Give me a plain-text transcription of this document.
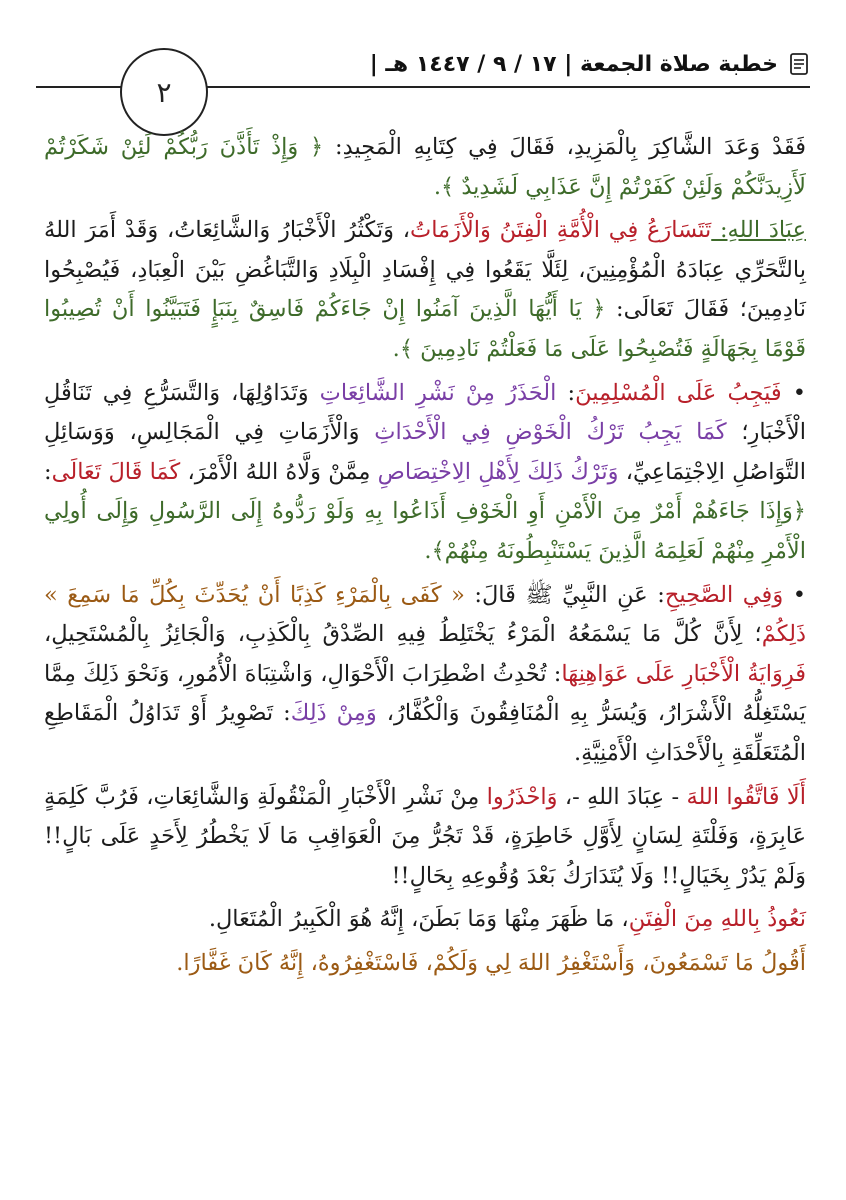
خطبة صلاة الجمعة | ١٧ / ٩ / ١٤٤٧ هـ |
٢

فَقَدْ وَعَدَ الشَّاكِرَ بِالْمَزِيدِ، فَقَالَ فِي كِتَابِهِ الْمَجِيدِ: ﴿ وَإِذْ تَأَذَّنَ رَبُّكُمْ لَئِنْ شَكَرْتُمْ لَأَزِيدَنَّكُمْ وَلَئِنْ كَفَرْتُمْ إِنَّ عَذَابِي لَشَدِيدٌ ﴾.

عِبَادَ اللهِ: تَتَسَارَعُ فِي الْأُمَّةِ الْفِتَنُ وَالْأَزَمَاتُ، وَتَكْثُرُ الْأَخْبَارُ وَالشَّائِعَاتُ، وَقَدْ أَمَرَ اللهُ بِالتَّحَرِّي عِبَادَهُ الْمُؤْمِنِينَ، لِئَلَّا يَقَعُوا فِي إِفْسَادِ الْبِلَادِ وَالتَّبَاغُضِ بَيْنَ الْعِبَادِ، فَيُصْبِحُوا نَادِمِينَ؛ فَقَالَ تَعَالَى: ﴿ يَا أَيُّهَا الَّذِينَ آمَنُوا إِنْ جَاءَكُمْ فَاسِقٌ بِنَبَإٍ فَتَبَيَّنُوا أَنْ تُصِيبُوا قَوْمًا بِجَهَالَةٍ فَتُصْبِحُوا عَلَى مَا فَعَلْتُمْ نَادِمِينَ ﴾.

• فَيَجِبُ عَلَى الْمُسْلِمِينَ: الْحَذَرُ مِنْ نَشْرِ الشَّائِعَاتِ وَتَدَاوُلِهَا، وَالتَّسَرُّعِ فِي تَنَاقُلِ الْأَخْبَارِ؛ كَمَا يَجِبُ تَرْكُ الْخَوْضِ فِي الْأَحْدَاثِ وَالْأَزَمَاتِ فِي الْمَجَالِسِ، وَوَسَائِلِ التَّوَاصُلِ الِاجْتِمَاعِيِّ، وَتَرْكُ ذَلِكَ لِأَهْلِ الِاخْتِصَاصِ مِمَّنْ وَلَّاهُ اللهُ الْأَمْرَ، كَمَا قَالَ تَعَالَى: ﴿وَإِذَا جَاءَهُمْ أَمْرٌ مِنَ الْأَمْنِ أَوِ الْخَوْفِ أَذَاعُوا بِهِ وَلَوْ رَدُّوهُ إِلَى الرَّسُولِ وَإِلَى أُولِي الْأَمْرِ مِنْهُمْ لَعَلِمَهُ الَّذِينَ يَسْتَنْبِطُونَهُ مِنْهُمْ﴾.

• وَفِي الصَّحِيحِ: عَنِ النَّبِيِّ ﷺ قَالَ: « كَفَى بِالْمَرْءِ كَذِبًا أَنْ يُحَدِّثَ بِكُلِّ مَا سَمِعَ » ذَلِكُمْ؛ لِأَنَّ كُلَّ مَا يَسْمَعُهُ الْمَرْءُ يَخْتَلِطُ فِيهِ الصِّدْقُ بِالْكَذِبِ، وَالْجَائِزُ بِالْمُسْتَحِيلِ، فَرِوَايَةُ الْأَخْبَارِ عَلَى عَوَاهِنِهَا: تُحْدِثُ اضْطِرَابَ الْأَحْوَالِ، وَاشْتِبَاهَ الْأُمُورِ، وَنَحْوَ ذَلِكَ مِمَّا يَسْتَغِلُّهُ الْأَشْرَارُ، وَيُسَرُّ بِهِ الْمُنَافِقُونَ وَالْكُفَّارُ، وَمِنْ ذَلِكَ: تَصْوِيرُ أَوْ تَدَاوُلُ الْمَقَاطِعِ الْمُتَعَلِّقَةِ بِالْأَحْدَاثِ الْأَمْنِيَّةِ.

أَلَا فَاتَّقُوا اللهَ - عِبَادَ اللهِ -، وَاحْذَرُوا مِنْ نَشْرِ الْأَخْبَارِ الْمَنْقُولَةِ وَالشَّائِعَاتِ، فَرُبَّ كَلِمَةٍ عَابِرَةٍ، وَفَلْتَةِ لِسَانٍ لِأَوَّلِ خَاطِرَةٍ، قَدْ تَجُرُّ مِنَ الْعَوَاقِبِ مَا لَا يَخْطُرُ لِأَحَدٍ عَلَى بَالٍ!! وَلَمْ يَدُرْ بِخَيَالٍ!! وَلَا يُتَدَارَكُ بَعْدَ وُقُوعِهِ بِحَالٍ!!

نَعُوذُ بِاللهِ مِنَ الْفِتَنِ، مَا ظَهَرَ مِنْهَا وَمَا بَطَنَ، إِنَّهُ هُوَ الْكَبِيرُ الْمُتَعَالِ.

أَقُولُ مَا تَسْمَعُونَ، وَأَسْتَغْفِرُ اللهَ لِي وَلَكُمْ، فَاسْتَغْفِرُوهُ، إِنَّهُ كَانَ غَفَّارًا.
